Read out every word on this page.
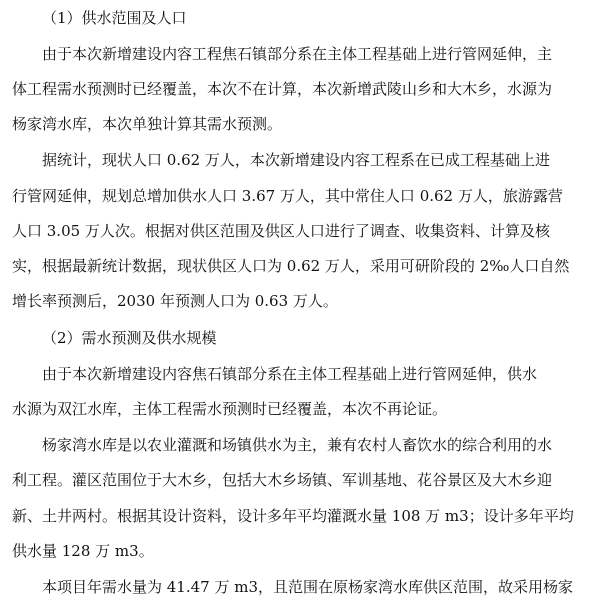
（1）供水范围及人口
由于本次新增建设内容工程焦石镇部分系在主体工程基础上进行管网延伸，主
体工程需水预测时已经覆盖，本次不在计算，本次新增武陵山乡和大木乡，水源为
杨家湾水库，本次单独计算其需水预测。
据统计，现状人口 0.62 万人，本次新增建设内容工程系在已成工程基础上进
行管网延伸，规划总增加供水人口 3.67 万人，其中常住人口 0.62 万人，旅游露营
人口 3.05 万人次。根据对供区范围及供区人口进行了调查、收集资料、计算及核
实，根据最新统计数据，现状供区人口为 0.62 万人，采用可研阶段的 2‰人口自然
增长率预测后，2030 年预测人口为 0.63 万人。
（2）需水预测及供水规模
由于本次新增建设内容焦石镇部分系在主体工程基础上进行管网延伸，供水
水源为双江水库，主体工程需水预测时已经覆盖，本次不再论证。
杨家湾水库是以农业灌溉和场镇供水为主，兼有农村人畜饮水的综合利用的水
利工程。灌区范围位于大木乡，包括大木乡场镇、军训基地、花谷景区及大木乡迎
新、土井两村。根据其设计资料，设计多年平均灌溉水量 108 万 m3；设计多年平均
供水量 128 万 m3。
本项目年需水量为 41.47 万 m3，且范围在原杨家湾水库供区范围，故采用杨家
